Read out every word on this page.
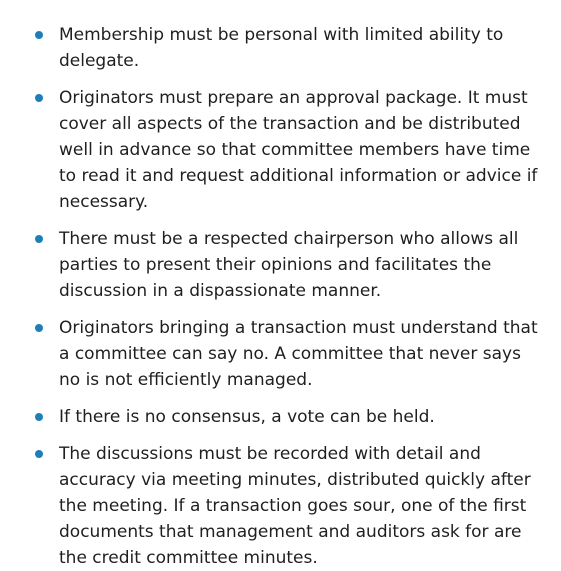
Membership must be personal with limited ability to delegate.
Originators must prepare an approval package. It must cover all aspects of the transaction and be distributed well in advance so that committee members have time to read it and request additional information or advice if necessary.
There must be a respected chairperson who allows all parties to present their opinions and facilitates the discussion in a dispassionate manner.
Originators bringing a transaction must understand that a committee can say no. A committee that never says no is not efficiently managed.
If there is no consensus, a vote can be held.
The discussions must be recorded with detail and accuracy via meeting minutes, distributed quickly after the meeting. If a transaction goes sour, one of the first documents that management and auditors ask for are the credit committee minutes.
